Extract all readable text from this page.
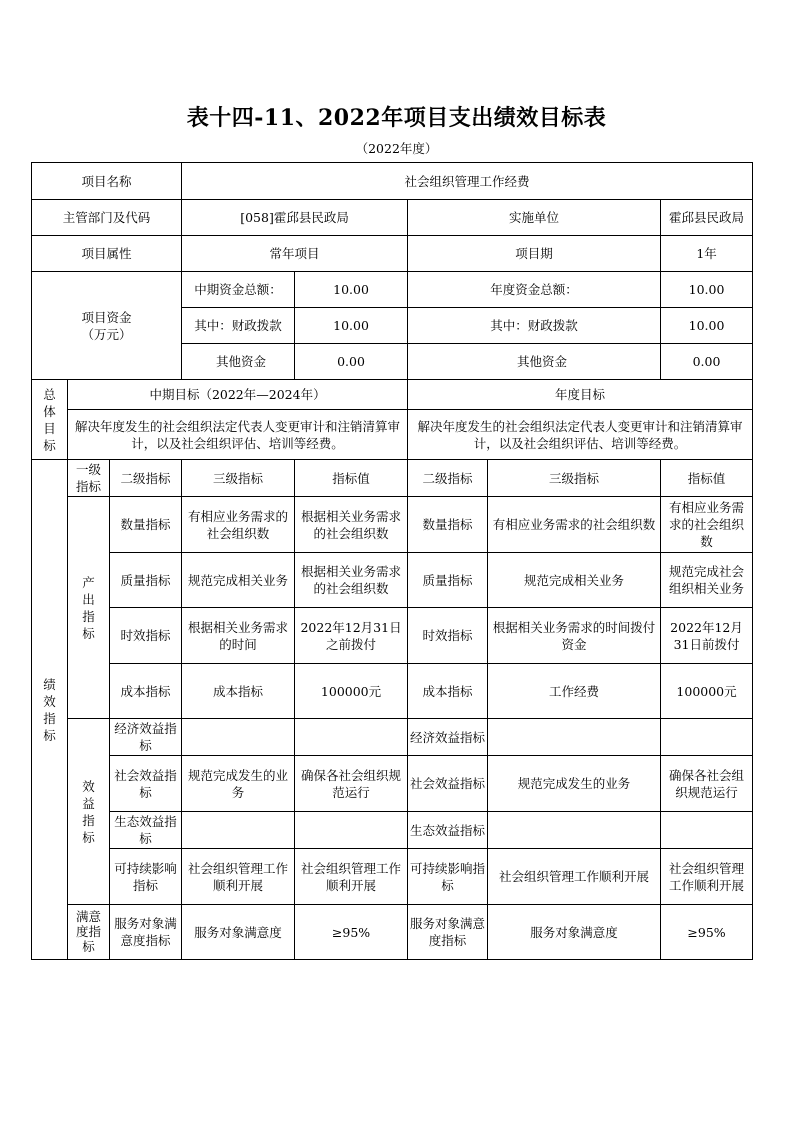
表十四-11、2022年项目支出绩效目标表
（2022年度）
项目名称			社会组织管理工作经费				
主管部门及代码			[058]霍邱县民政局		实施单位		霍邱县民政局
项目属性			常年项目		项目期		1年
项目资金（万元）			中期资金总额：	10.00	年度资金总额：		10.00
			其中：财政拨款	10.00	其中：财政拨款		10.00
			其他资金	0.00	其他资金		0.00
总体目标	中期目标（2022年—2024年）				年度目标		
	解决年度发生的社会组织法定代表人变更审计和注销清算审计，以及社会组织评估、培训等经费。				解决年度发生的社会组织法定代表人变更审计和注销清算审计，以及社会组织评估、培训等经费。		
绩效指标	一级指标	二级指标	三级指标	指标值	二级指标	三级指标	指标值
	产出指标	数量指标	有相应业务需求的社会组织数	根据相关业务需求的社会组织数	数量指标	有相应业务需求的社会组织数	有相应业务需求的社会组织数
		质量指标	规范完成相关业务	根据相关业务需求的社会组织数	质量指标	规范完成相关业务	规范完成社会组织相关业务
		时效指标	根据相关业务需求的时间	2022年12月31日之前拨付	时效指标	根据相关业务需求的时间拨付资金	2022年12月31日前拨付
		成本指标	成本指标	100000元	成本指标	工作经费	100000元
	效益指标	经济效益指标			经济效益指标		
		社会效益指标	规范完成发生的业务	确保各社会组织规范运行	社会效益指标	规范完成发生的业务	确保各社会组织规范运行
		生态效益指标			生态效益指标		
		可持续影响指标	社会组织管理工作顺利开展	社会组织管理工作顺利开展	可持续影响指标	社会组织管理工作顺利开展	社会组织管理工作顺利开展
	满意度指标	服务对象满意度指标	服务对象满意度	≥95%	服务对象满意度指标	服务对象满意度	≥95%
